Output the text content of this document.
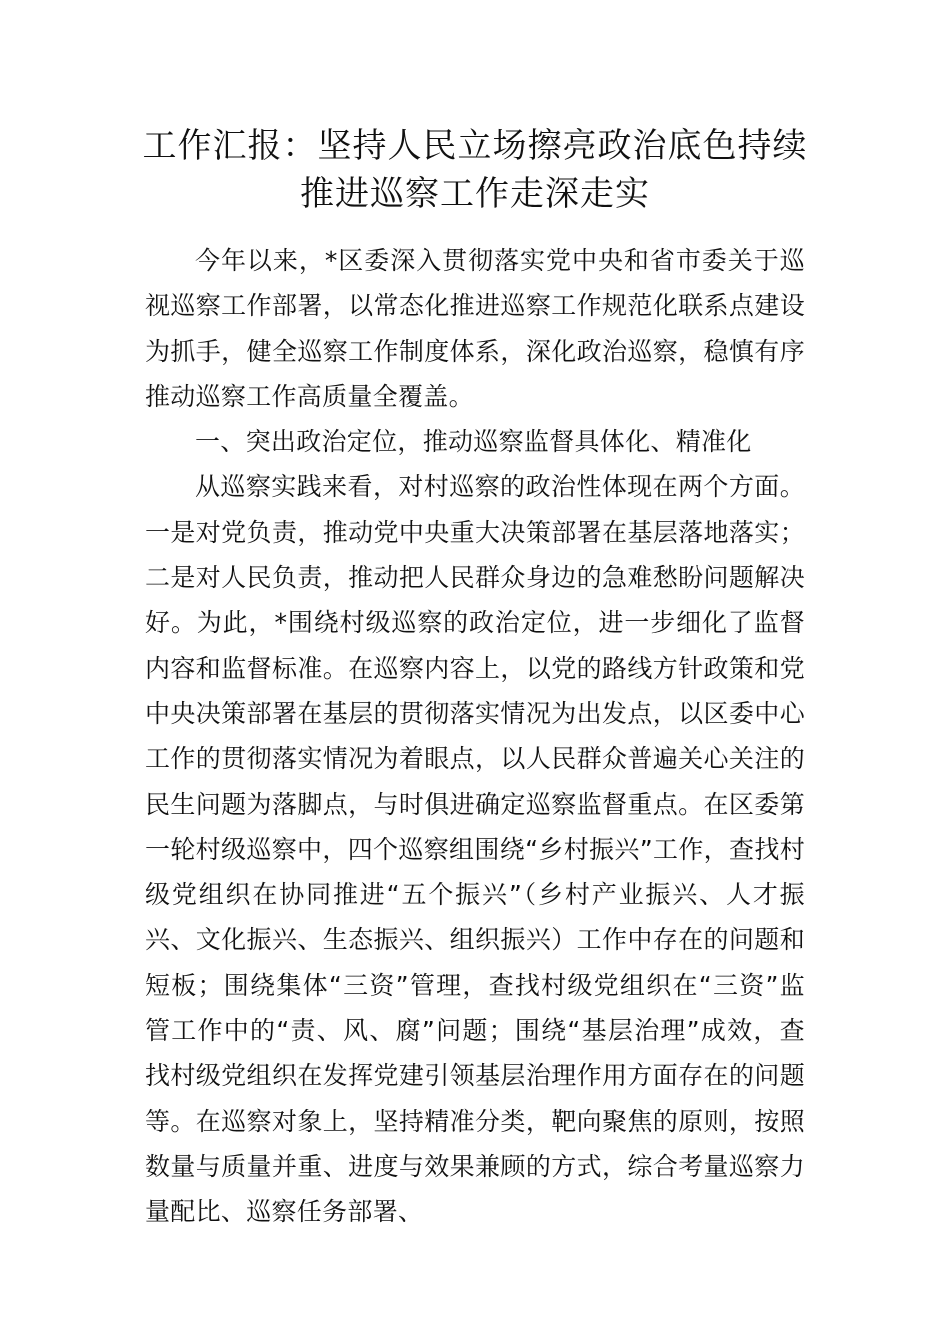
工作汇报：坚持人民立场擦亮政治底色持续推进巡察工作走深走实

今年以来，*区委深入贯彻落实党中央和省市委关于巡视巡察工作部署，以常态化推进巡察工作规范化联系点建设为抓手，健全巡察工作制度体系，深化政治巡察，稳慎有序推动巡察工作高质量全覆盖。

一、突出政治定位，推动巡察监督具体化、精准化

从巡察实践来看，对村巡察的政治性体现在两个方面。一是对党负责，推动党中央重大决策部署在基层落地落实；二是对人民负责，推动把人民群众身边的急难愁盼问题解决好。为此，*围绕村级巡察的政治定位，进一步细化了监督内容和监督标准。在巡察内容上，以党的路线方针政策和党中央决策部署在基层的贯彻落实情况为出发点，以区委中心工作的贯彻落实情况为着眼点，以人民群众普遍关心关注的民生问题为落脚点，与时俱进确定巡察监督重点。在区委第一轮村级巡察中，四个巡察组围绕“乡村振兴”工作，查找村级党组织在协同推进“五个振兴”（乡村产业振兴、人才振兴、文化振兴、生态振兴、组织振兴）工作中存在的问题和短板；围绕集体“三资”管理，查找村级党组织在“三资”监管工作中的“责、风、腐”问题；围绕“基层治理”成效，查找村级党组织在发挥党建引领基层治理作用方面存在的问题等。在巡察对象上，坚持精准分类，靶向聚焦的原则，按照数量与质量并重、进度与效果兼顾的方式，综合考量巡察力量配比、巡察任务部署、
